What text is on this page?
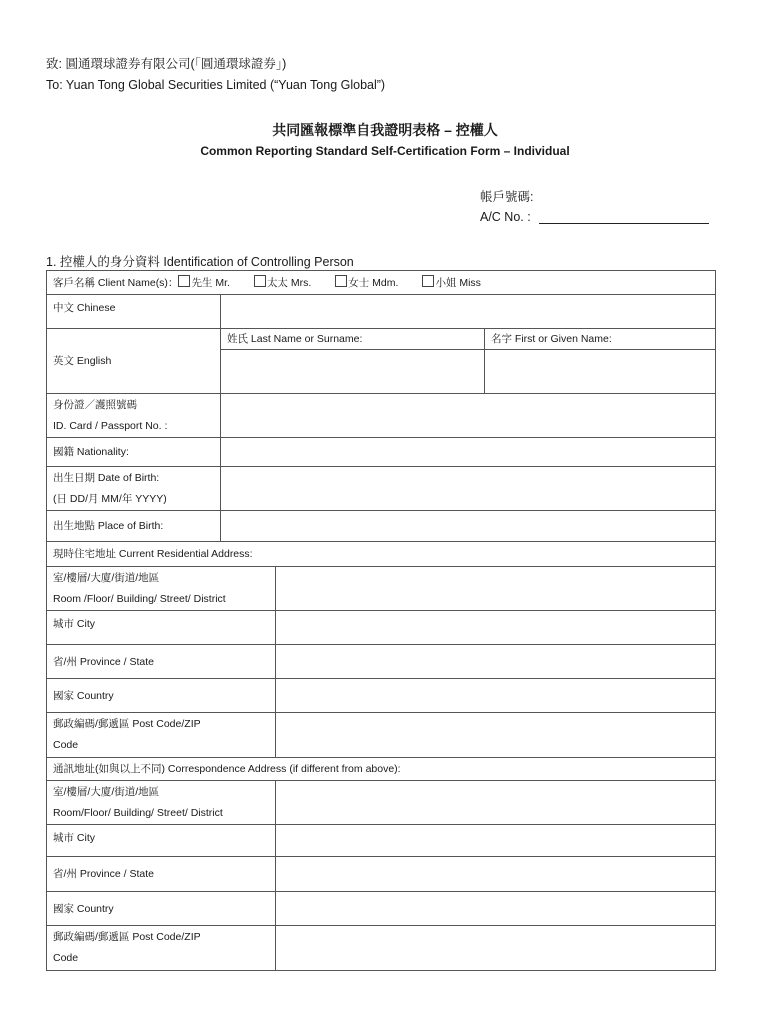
致: 圓通環球證券有限公司(「圓通環球證券」)
To: Yuan Tong Global Securities Limited (“Yuan Tong Global”)
共同匯報標準自我證明表格 – 控權人
Common Reporting Standard Self-Certification Form – Individual
帳戶號碼:
A/C No. :
1. 控權人的身分資料 Identification of Controlling Person
客戶名稱 Client Name(s)： 先生 Mr. 太太 Mrs. 女士 Mdm. 小姐 Miss			
中文 Chinese			
英文 English	姓氏 Last Name or Surname:		名字 First or Given Name:

身份證／護照號碼
ID. Card / Passport No. :			

國籍 Nationality:			

出生日期 Date of Birth:
(日 DD/月 MM/年 YYYY)			

出生地點 Place of Birth:			
現時住宅地址 Current Residential Address:			

室/樓層/大廈/街道/地區
Room /Floor/ Building/ Street/ District			

城市 City			
省/州 Province / State			
國家 Country			

郵政編碼/郵遞區 Post Code/ZIP
Code			

通訊地址(如與以上不同) Correspondence Address (if different from above):			

室/樓層/大廈/街道/地區
Room/Floor/ Building/ Street/ District			

城市 City			
省/州 Province / State			
國家 Country			

郵政編碼/郵遞區 Post Code/ZIP
Code			
